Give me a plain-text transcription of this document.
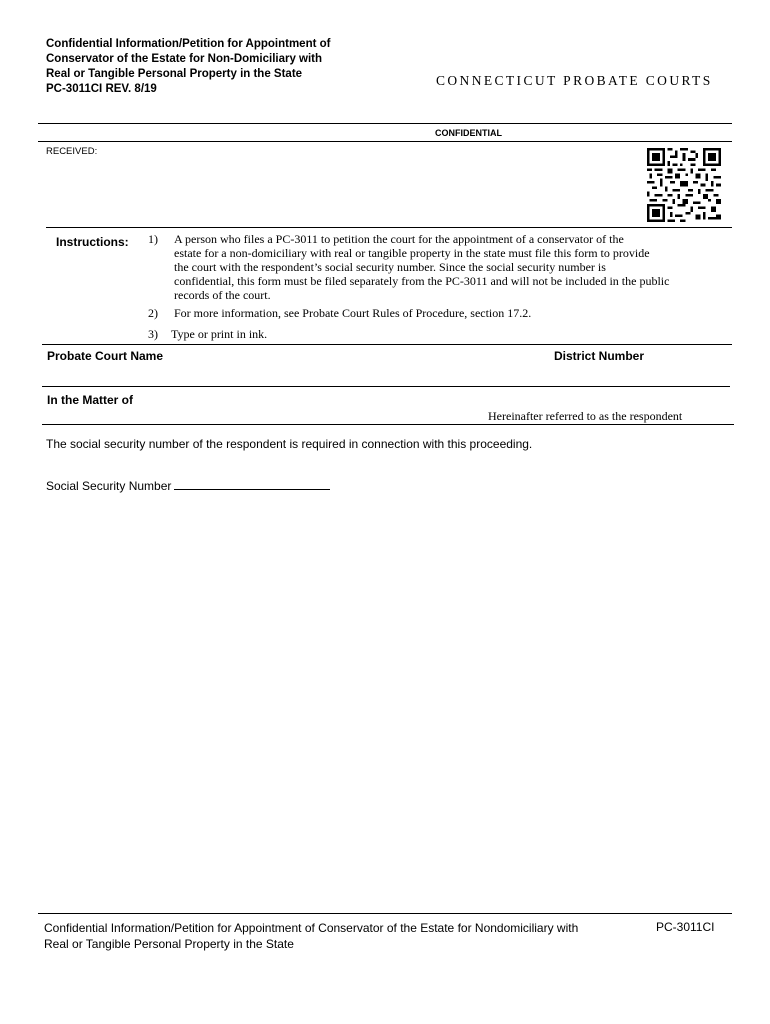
Confidential Information/Petition for Appointment of
Conservator of the Estate for Non-Domiciliary with
Real or Tangible Personal Property in the State
PC-3011CI REV. 8/19
CONNECTICUT PROBATE COURTS
CONFIDENTIAL
RECEIVED:
Instructions:	1) A person who files a PC-3011 to petition the court for the appointment of a conservator of the
estate for a non-domiciliary with real or tangible property in the state must file this form to provide
the court with the respondent’s social security number. Since the social security number is
confidential, this form must be filed separately from the PC-3011 and will not be included in the public
records of the court.
2) For more information, see Probate Court Rules of Procedure, section 17.2.
3) Type or print in ink.
Probate Court Name	District Number
In the Matter of
Hereinafter referred to as the respondent
The social security number of the respondent is required in connection with this proceeding.
Social Security Number
Confidential Information/Petition for Appointment of Conservator of the Estate for Nondomiciliary with
Real or Tangible Personal Property in the State
PC-3011CI
